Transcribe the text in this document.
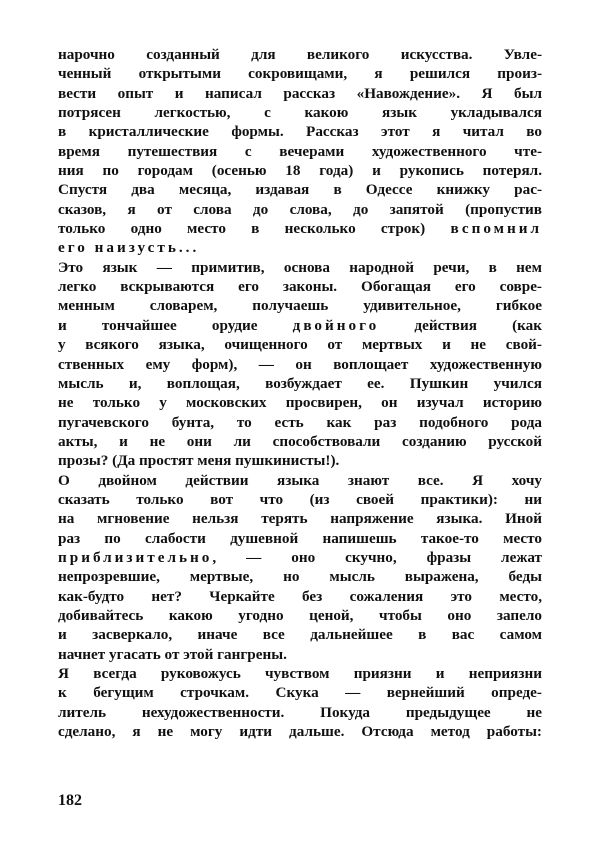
нарочно созданный для великого искусства. Увле-
ченный открытыми сокровищами, я решился произ-
вести опыт и написал рассказ «Навождение». Я был
потрясен легкостью, с какою язык укладывался
в кристаллические формы. Рассказ этот я читал во
время путешествия с вечерами художественного чте-
ния по городам (осенью 18 года) и рукопись потерял.
Спустя два месяца, издавая в Одессе книжку рас-
сказов, я от слова до слова, до запятой (пропустив
только одно место в несколько строк) вспомнил
его наизусть...
Это язык — примитив, основа народной речи, в нем
легко вскрываются его законы. Обогащая его совре-
менным словарем, получаешь удивительное, гибкое
и тончайшее орудие двойного действия (как
у всякого языка, очищенного от мертвых и не свой-
ственных ему форм), — он воплощает художественную
мысль и, воплощая, возбуждает ее. Пушкин учился
не только у московских просвирен, он изучал историю
пугачевского бунта, то есть как раз подобного рода
акты, и не они ли способствовали созданию русской
прозы? (Да простят меня пушкинисты!).
О двойном действии языка знают все. Я хочу
сказать только вот что (из своей практики): ни
на мгновение нельзя терять напряжение языка. Иной
раз по слабости душевной напишешь такое-то место
приблизительно, — оно скучно, фразы лежат
непрозревшие, мертвые, но мысль выражена, беды
как-будто нет? Черкайте без сожаления это место,
добивайтесь какою угодно ценой, чтобы оно запело
и засверкало, иначе все дальнейшее в вас самом
начнет угасать от этой гангрены.
Я всегда руковожусь чувством приязни и неприязни
к бегущим строчкам. Скука — вернейший опреде-
литель нехудожественности. Покуда предыдущее не
сделано, я не могу идти дальше. Отсюда метод работы:
182
